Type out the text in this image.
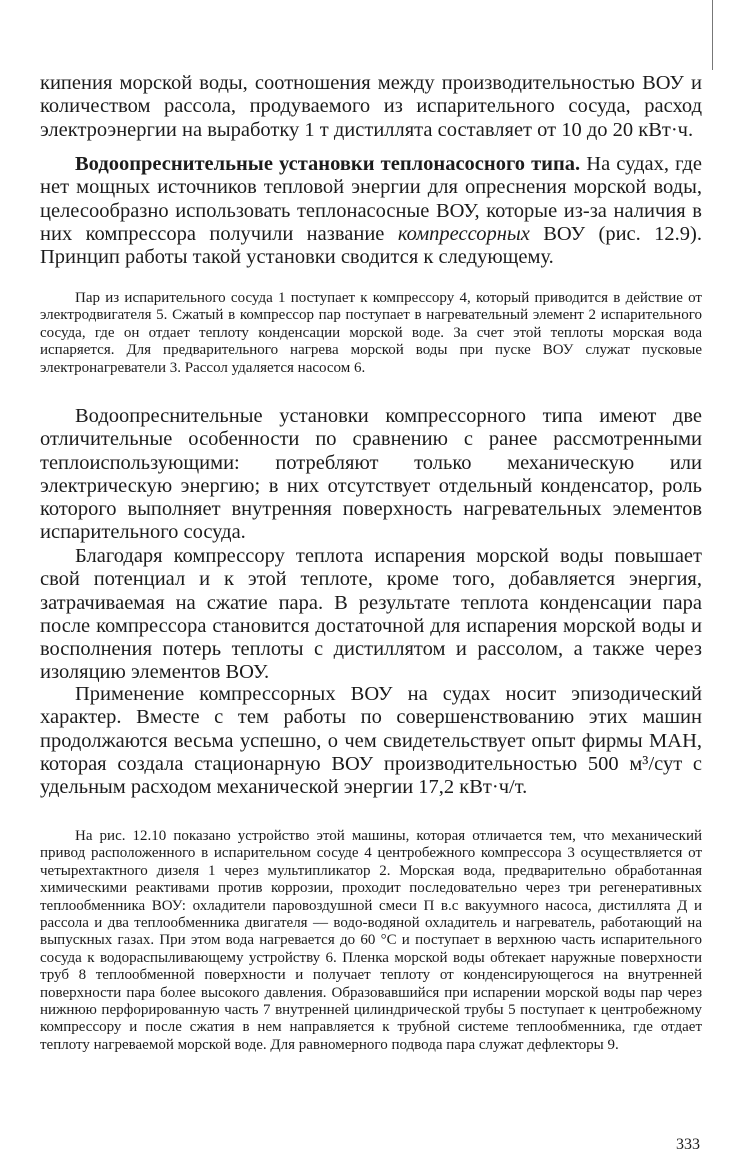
кипения морской воды, соотношения между производительностью ВОУ и количеством рассола, продуваемого из испарительного сосуда, расход электроэнергии на выработку 1 т дистиллята составляет от 10 до 20 кВт·ч.

Водоопреснительные установки теплонасосного типа. На судах, где нет мощных источников тепловой энергии для опреснения морской воды, целесообразно использовать теплонасосные ВОУ, которые из-за наличия в них компрессора получили название компрессорных ВОУ (рис. 12.9). Принцип работы такой установки сводится к следующему.

Пар из испарительного сосуда 1 поступает к компрессору 4, который приводится в действие от электродвигателя 5. Сжатый в компрессор пар поступает в нагревательный элемент 2 испарительного сосуда, где он отдает теплоту конденсации морской воде. За счет этой теплоты морская вода испаряется. Для предварительного нагрева морской воды при пуске ВОУ служат пусковые электронагреватели 3. Рассол удаляется насосом 6.

Водоопреснительные установки компрессорного типа имеют две отличительные особенности по сравнению с ранее рассмотренными теплоиспользующими: потребляют только механическую или электрическую энергию; в них отсутствует отдельный конденсатор, роль которого выполняет внутренняя поверхность нагревательных элементов испарительного сосуда.

Благодаря компрессору теплота испарения морской воды повышает свой потенциал и к этой теплоте, кроме того, добавляется энергия, затрачиваемая на сжатие пара. В результате теплота конденсации пара после компрессора становится достаточной для испарения морской воды и восполнения потерь теплоты с дистиллятом и рассолом, а также через изоляцию элементов ВОУ.

Применение компрессорных ВОУ на судах носит эпизодический характер. Вместе с тем работы по совершенствованию этих машин продолжаются весьма успешно, о чем свидетельствует опыт фирмы МАН, которая создала стационарную ВОУ производительностью 500 м³/сут с удельным расходом механической энергии 17,2 кВт·ч/т.

На рис. 12.10 показано устройство этой машины, которая отличается тем, что механический привод расположенного в испарительном сосуде 4 центробежного компрессора 3 осуществляется от четырехтактного дизеля 1 через мультипликатор 2. Морская вода, предварительно обработанная химическими реактивами против коррозии, проходит последовательно через три регенеративных теплообменника ВОУ: охладители паровоздушной смеси П в.с вакуумного насоса, дистиллята Д и рассола и два теплообменника двигателя — водо-водяной охладитель и нагреватель, работающий на выпускных газах. При этом вода нагревается до 60 °С и поступает в верхнюю часть испарительного сосуда к водораспыливающему устройству 6. Пленка морской воды обтекает наружные поверхности труб 8 теплообменной поверхности и получает теплоту от конденсирующегося на внутренней поверхности пара более высокого давления. Образовавшийся при испарении морской воды пар через нижнюю перфорированную часть 7 внутренней цилиндрической трубы 5 поступает к центробежному компрессору и после сжатия в нем направляется к трубной системе теплообменника, где отдает теплоту нагреваемой морской воде. Для равномерного подвода пара служат дефлекторы 9.

333
